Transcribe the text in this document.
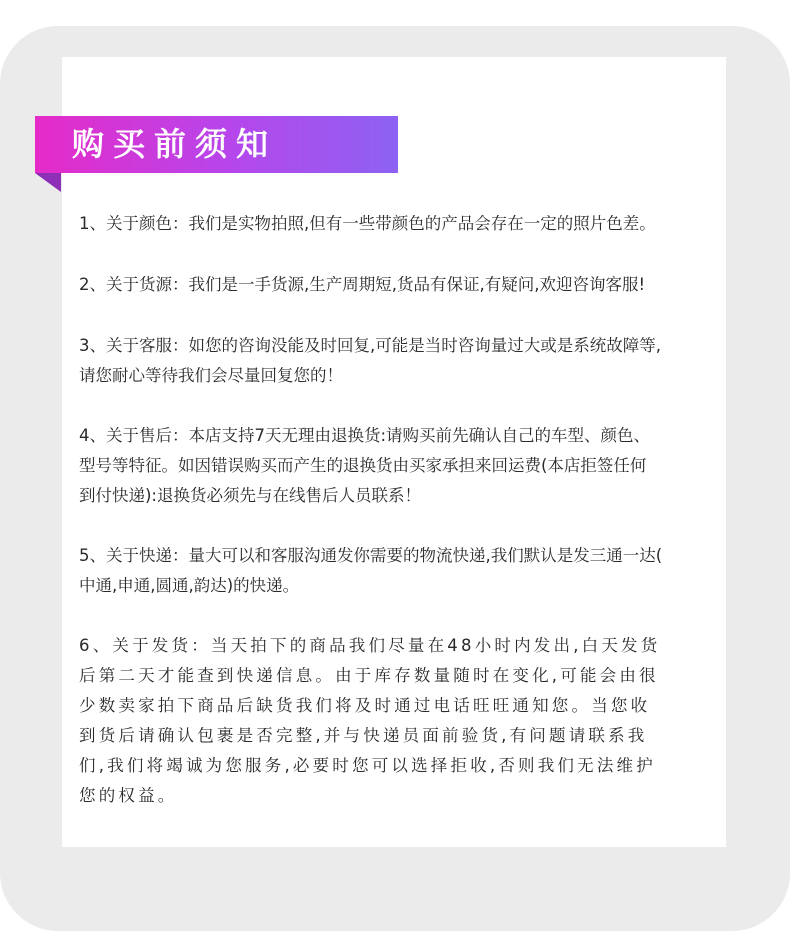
购买前须知
1、关于颜色：我们是实物拍照,但有一些带颜色的产品会存在一定的照片色差。
2、关于货源：我们是一手货源,生产周期短,货品有保证,有疑问,欢迎咨询客服!
3、关于客服：如您的咨询没能及时回复,可能是当时咨询量过大或是系统故障等,
请您耐心等待我们会尽量回复您的！
4、关于售后：本店支持7天无理由退换货:请购买前先确认自己的车型、颜色、
型号等特征。如因错误购买而产生的退换货由买家承担来回运费(本店拒签任何
到付快递):退换货必须先与在线售后人员联系！
5、关于快递：量大可以和客服沟通发你需要的物流快递,我们默认是发三通一达(
中通,申通,圆通,韵达)的快递。
6、关于发货：当天拍下的商品我们尽量在48小时内发出,白天发货
后第二天才能查到快递信息。由于库存数量随时在变化,可能会由很
少数卖家拍下商品后缺货我们将及时通过电话旺旺通知您。当您收
到货后请确认包裹是否完整,并与快递员面前验货,有问题请联系我
们,我们将竭诚为您服务,必要时您可以选择拒收,否则我们无法维护
您的权益。
